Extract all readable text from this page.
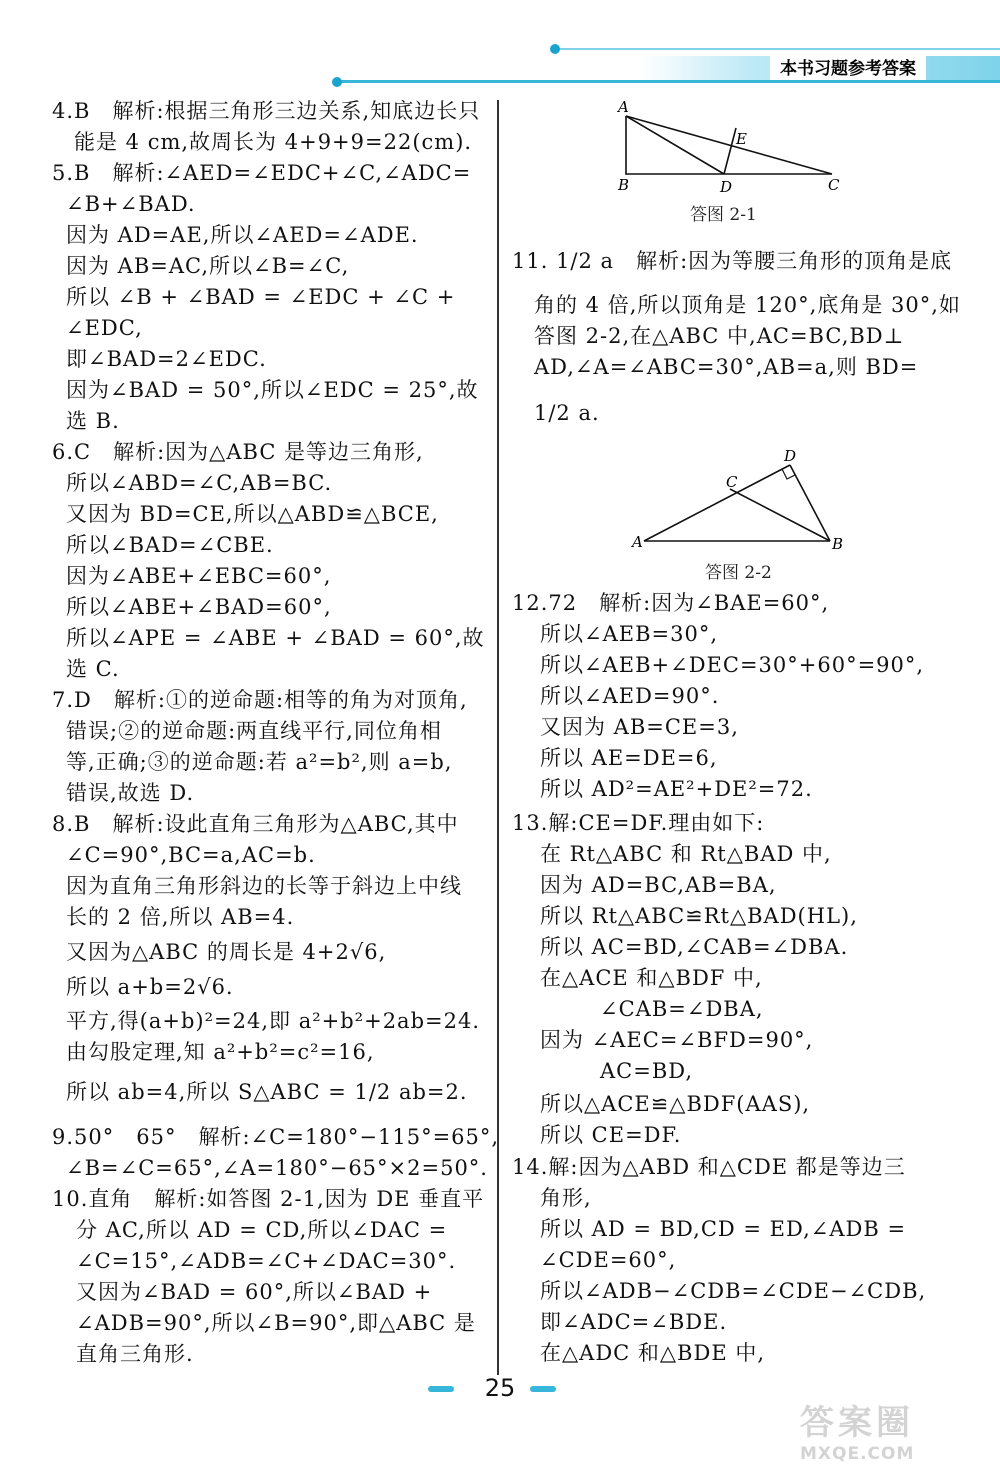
本书习题参考答案
4.B　解析:根据三角形三边关系,知底边长只
能是 4 cm,故周长为 4+9+9=22(cm).
5.B　解析:∠AED=∠EDC+∠C,∠ADC=
∠B+∠BAD.
因为 AD=AE,所以∠AED=∠ADE.
因为 AB=AC,所以∠B=∠C,
所以 ∠B + ∠BAD = ∠EDC + ∠C +
∠EDC,
即∠BAD=2∠EDC.
因为∠BAD = 50°,所以∠EDC = 25°,故
选 B.
6.C　解析:因为△ABC 是等边三角形,
所以∠ABD=∠C,AB=BC.
又因为 BD=CE,所以△ABD≌△BCE,
所以∠BAD=∠CBE.
因为∠ABE+∠EBC=60°,
所以∠ABE+∠BAD=60°,
所以∠APE = ∠ABE + ∠BAD = 60°,故
选 C.
7.D　解析:①的逆命题:相等的角为对顶角,
错误;②的逆命题:两直线平行,同位角相
等,正确;③的逆命题:若 a²=b²,则 a=b,
错误,故选 D.
8.B　解析:设此直角三角形为△ABC,其中
∠C=90°,BC=a,AC=b.
因为直角三角形斜边的长等于斜边上中线
长的 2 倍,所以 AB=4.
又因为△ABC 的周长是 4+2√6,
所以 a+b=2√6.
平方,得(a+b)²=24,即 a²+b²+2ab=24.
由勾股定理,知 a²+b²=c²=16,
所以 ab=4,所以 S△ABC = 1/2 ab=2.
9.50°　65°　解析:∠C=180°−115°=65°,
∠B=∠C=65°,∠A=180°−65°×2=50°.
10.直角　解析:如答图 2-1,因为 DE 垂直平
分 AC,所以 AD = CD,所以∠DAC =
∠C=15°,∠ADB=∠C+∠DAC=30°.
又因为∠BAD = 60°,所以∠BAD +
∠ADB=90°,所以∠B=90°,即△ABC 是
直角三角形.
A
B	C
D
E
答图 2-1
11. 1/2 a　解析:因为等腰三角形的顶角是底
角的 4 倍,所以顶角是 120°,底角是 30°,如
答图 2-2,在△ABC 中,AC=BC,BD⊥
AD,∠A=∠ABC=30°,AB=a,则 BD=
1/2 a.
12.72　解析:因为∠BAE=60°,
所以∠AEB=30°,
所以∠AEB+∠DEC=30°+60°=90°,
所以∠AED=90°.
又因为 AB=CE=3,
所以 AE=DE=6,
所以 AD²=AE²+DE²=72.
13.解:CE=DF.理由如下:
在 Rt△ABC 和 Rt△BAD 中,
因为 AD=BC,AB=BA,
所以 Rt△ABC≌Rt△BAD(HL),
所以 AC=BD,∠CAB=∠DBA.
在△ACE 和△BDF 中,
∠CAB=∠DBA,
因为 ∠AEC=∠BFD=90°,
AC=BD,
所以△ACE≌△BDF(AAS),
所以 CE=DF.
14.解:因为△ABD 和△CDE 都是等边三
角形,
所以 AD = BD,CD = ED,∠ADB =
∠CDE=60°,
所以∠ADB−∠CDB=∠CDE−∠CDB,
即∠ADC=∠BDE.
在△ADC 和△BDE 中,
A	B
C
D
答图 2-2
25
答案圈
MXQE.COM
